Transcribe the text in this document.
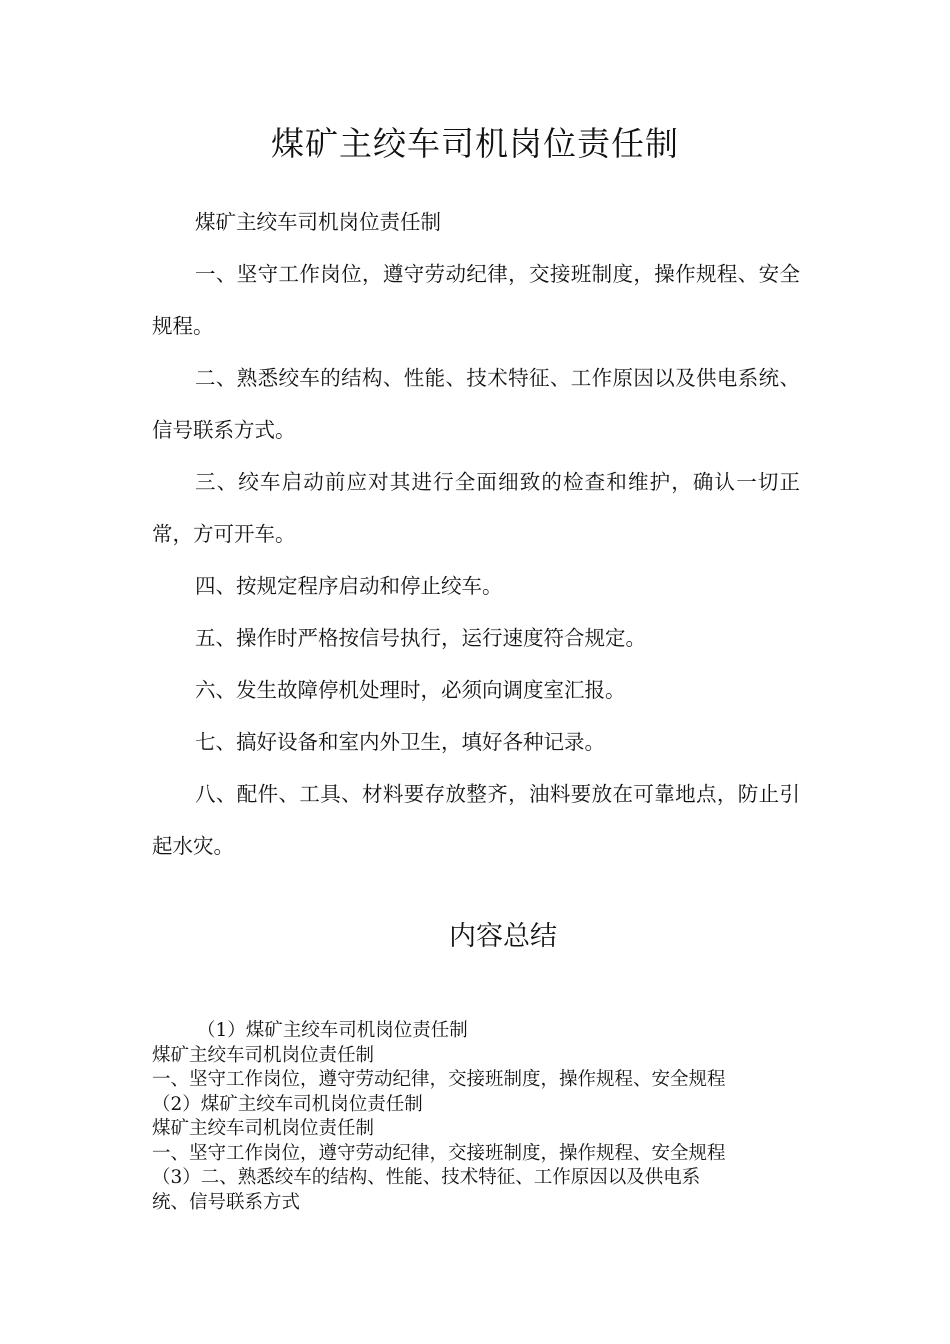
煤矿主绞车司机岗位责任制

煤矿主绞车司机岗位责任制

一、坚守工作岗位，遵守劳动纪律，交接班制度，操作规程、安全规程。

二、熟悉绞车的结构、性能、技术特征、工作原因以及供电系统、信号联系方式。

三、绞车启动前应对其进行全面细致的检查和维护，确认一切正常，方可开车。

四、按规定程序启动和停止绞车。

五、操作时严格按信号执行，运行速度符合规定。

六、发生故障停机处理时，必须向调度室汇报。

七、搞好设备和室内外卫生，填好各种记录。

八、配件、工具、材料要存放整齐，油料要放在可靠地点，防止引起水灾。

内容总结
（1）煤矿主绞车司机岗位责任制
煤矿主绞车司机岗位责任制
一、坚守工作岗位，遵守劳动纪律，交接班制度，操作规程、安全规程
（2）煤矿主绞车司机岗位责任制
煤矿主绞车司机岗位责任制
一、坚守工作岗位，遵守劳动纪律，交接班制度，操作规程、安全规程
（3）二、熟悉绞车的结构、性能、技术特征、工作原因以及供电系
统、信号联系方式
